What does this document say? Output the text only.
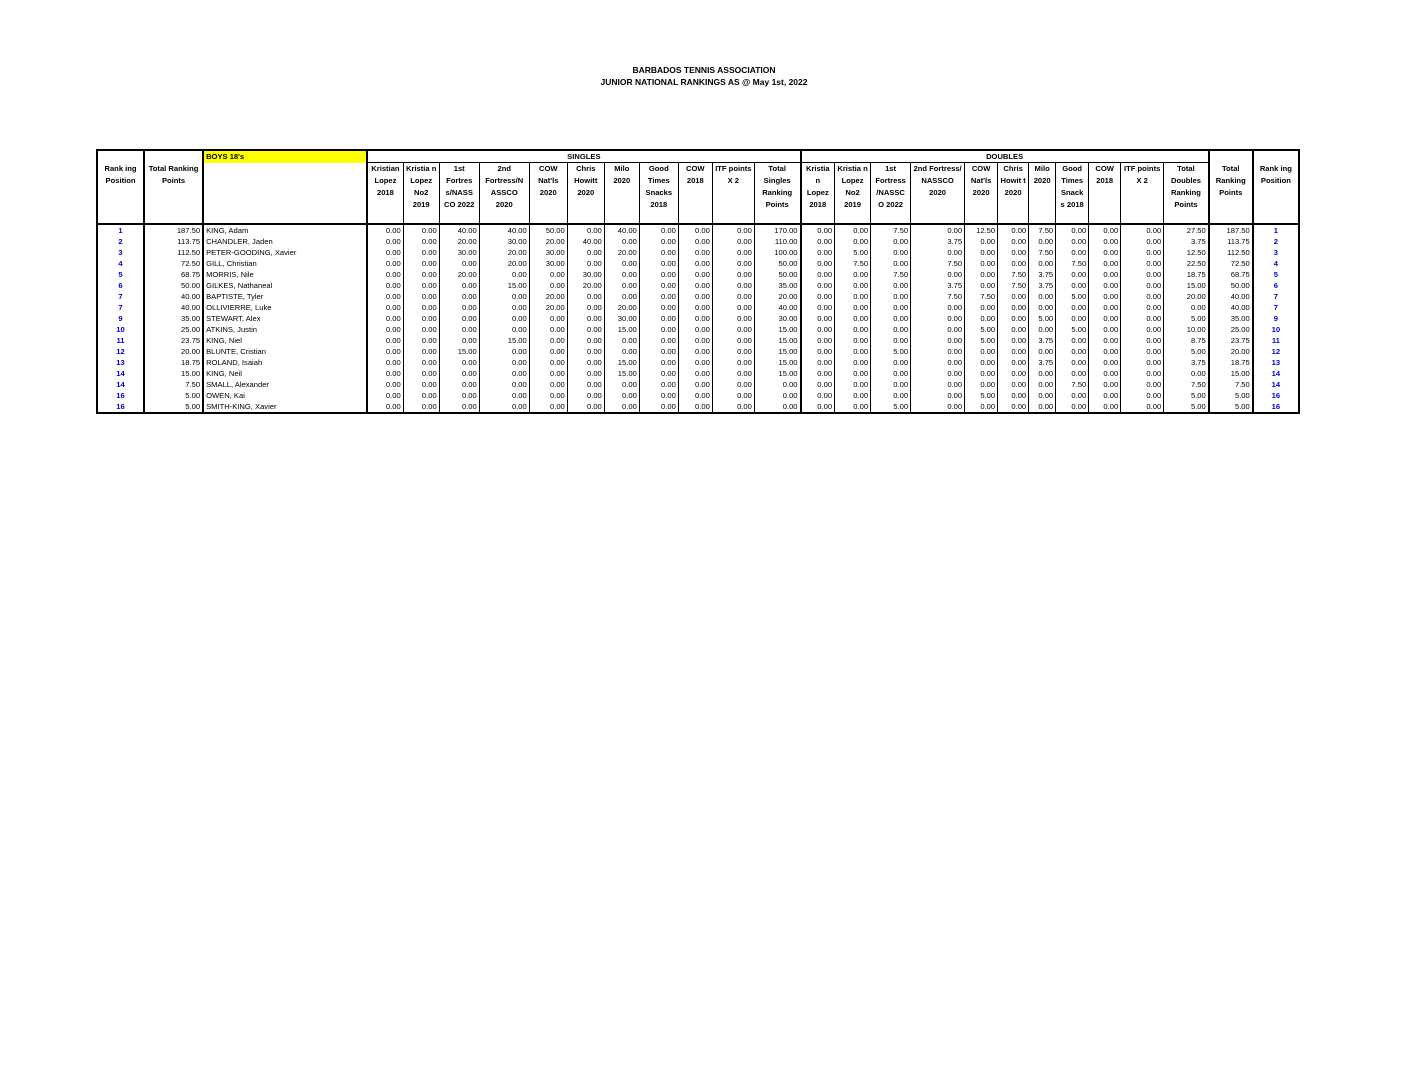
BARBADOS TENNIS ASSOCIATION
JUNIOR NATIONAL RANKINGS AS @ May 1st, 2022
		BOYS 18's	SINGLES											DOUBLES												
Rank ing Position	Total Ranking Points		Kristian Lopez 2018	Kristia n Lopez No2 2019	1st Fortres s/NASS CO 2022	2nd Fortress/N ASSCO 2020	COW Nat'ls 2020	Chris Howitt 2020	Milo 2020	Good Times Snacks 2018	COW 2018	ITF points X 2	Total Singles Ranking Points	Kristia n Lopez 2018	Kristia n Lopez No2 2019	1st Fortress /NASSC O 2022	2nd Fortress/ NASSCO 2020	COW Nat'ls 2020	Chris Howit t 2020	Milo 2020	Good Times Snack s 2018	COW 2018	ITF points X 2	Total Doubles Ranking Points	Total Ranking Points	Rank ing Position
1	187.50	KING, Adam	0.00	0.00	40.00	40.00	50.00	0.00	40.00	0.00	0.00	0.00	170.00	0.00	0.00	7.50	0.00	12.50	0.00	7.50	0.00	0.00	0.00	27.50	187.50	1
2	113.75	CHANDLER, Jaden	0.00	0.00	20.00	30.00	20.00	40.00	0.00	0.00	0.00	0.00	110.00	0.00	0.00	0.00	3.75	0.00	0.00	0.00	0.00	0.00	0.00	3.75	113.75	2
3	112.50	PETER-GOODING, Xavier	0.00	0.00	30.00	20.00	30.00	0.00	20.00	0.00	0.00	0.00	100.00	0.00	5.00	0.00	0.00	0.00	0.00	7.50	0.00	0.00	0.00	12.50	112.50	3
4	72.50	GILL, Christian	0.00	0.00	0.00	20.00	30.00	0.00	0.00	0.00	0.00	0.00	50.00	0.00	7.50	0.00	7.50	0.00	0.00	0.00	7.50	0.00	0.00	22.50	72.50	4
5	68.75	MORRIS, Nile	0.00	0.00	20.00	0.00	0.00	30.00	0.00	0.00	0.00	0.00	50.00	0.00	0.00	7.50	0.00	0.00	7.50	3.75	0.00	0.00	0.00	18.75	68.75	5
6	50.00	GILKES, Nathaneal	0.00	0.00	0.00	15.00	0.00	20.00	0.00	0.00	0.00	0.00	35.00	0.00	0.00	0.00	3.75	0.00	7.50	3.75	0.00	0.00	0.00	15.00	50.00	6
7	40.00	BAPTISTE, Tyler	0.00	0.00	0.00	0.00	20.00	0.00	0.00	0.00	0.00	0.00	20.00	0.00	0.00	0.00	7.50	7.50	0.00	0.00	5.00	0.00	0.00	20.00	40.00	7
7	40.00	OLLIVIERRE, Luke	0.00	0.00	0.00	0.00	20.00	0.00	20.00	0.00	0.00	0.00	40.00	0.00	0.00	0.00	0.00	0.00	0.00	0.00	0.00	0.00	0.00	0.00	40.00	7
9	35.00	STEWART, Alex	0.00	0.00	0.00	0.00	0.00	0.00	30.00	0.00	0.00	0.00	30.00	0.00	0.00	0.00	0.00	0.00	0.00	5.00	0.00	0.00	0.00	5.00	35.00	9
10	25.00	ATKINS, Justin	0.00	0.00	0.00	0.00	0.00	0.00	15.00	0.00	0.00	0.00	15.00	0.00	0.00	0.00	0.00	5.00	0.00	0.00	5.00	0.00	0.00	10.00	25.00	10
11	23.75	KING, Niel	0.00	0.00	0.00	15.00	0.00	0.00	0.00	0.00	0.00	0.00	15.00	0.00	0.00	0.00	0.00	5.00	0.00	3.75	0.00	0.00	0.00	8.75	23.75	11
12	20.00	BLUNTE, Cristian	0.00	0.00	15.00	0.00	0.00	0.00	0.00	0.00	0.00	0.00	15.00	0.00	0.00	5.00	0.00	0.00	0.00	0.00	0.00	0.00	0.00	5.00	20.00	12
13	18.75	ROLAND, Isaiah	0.00	0.00	0.00	0.00	0.00	0.00	15.00	0.00	0.00	0.00	15.00	0.00	0.00	0.00	0.00	0.00	0.00	3.75	0.00	0.00	0.00	3.75	18.75	13
14	15.00	KING, Neil	0.00	0.00	0.00	0.00	0.00	0.00	15.00	0.00	0.00	0.00	15.00	0.00	0.00	0.00	0.00	0.00	0.00	0.00	0.00	0.00	0.00	0.00	15.00	14
14	7.50	SMALL, Alexander	0.00	0.00	0.00	0.00	0.00	0.00	0.00	0.00	0.00	0.00	0.00	0.00	0.00	0.00	0.00	0.00	0.00	0.00	7.50	0.00	0.00	7.50	7.50	14
16	5.00	OWEN, Kai	0.00	0.00	0.00	0.00	0.00	0.00	0.00	0.00	0.00	0.00	0.00	0.00	0.00	0.00	0.00	5.00	0.00	0.00	0.00	0.00	0.00	5.00	5.00	16
16	5.00	SMITH-KING, Xavier	0.00	0.00	0.00	0.00	0.00	0.00	0.00	0.00	0.00	0.00	0.00	0.00	0.00	5.00	0.00	0.00	0.00	0.00	0.00	0.00	0.00	5.00	5.00	16
